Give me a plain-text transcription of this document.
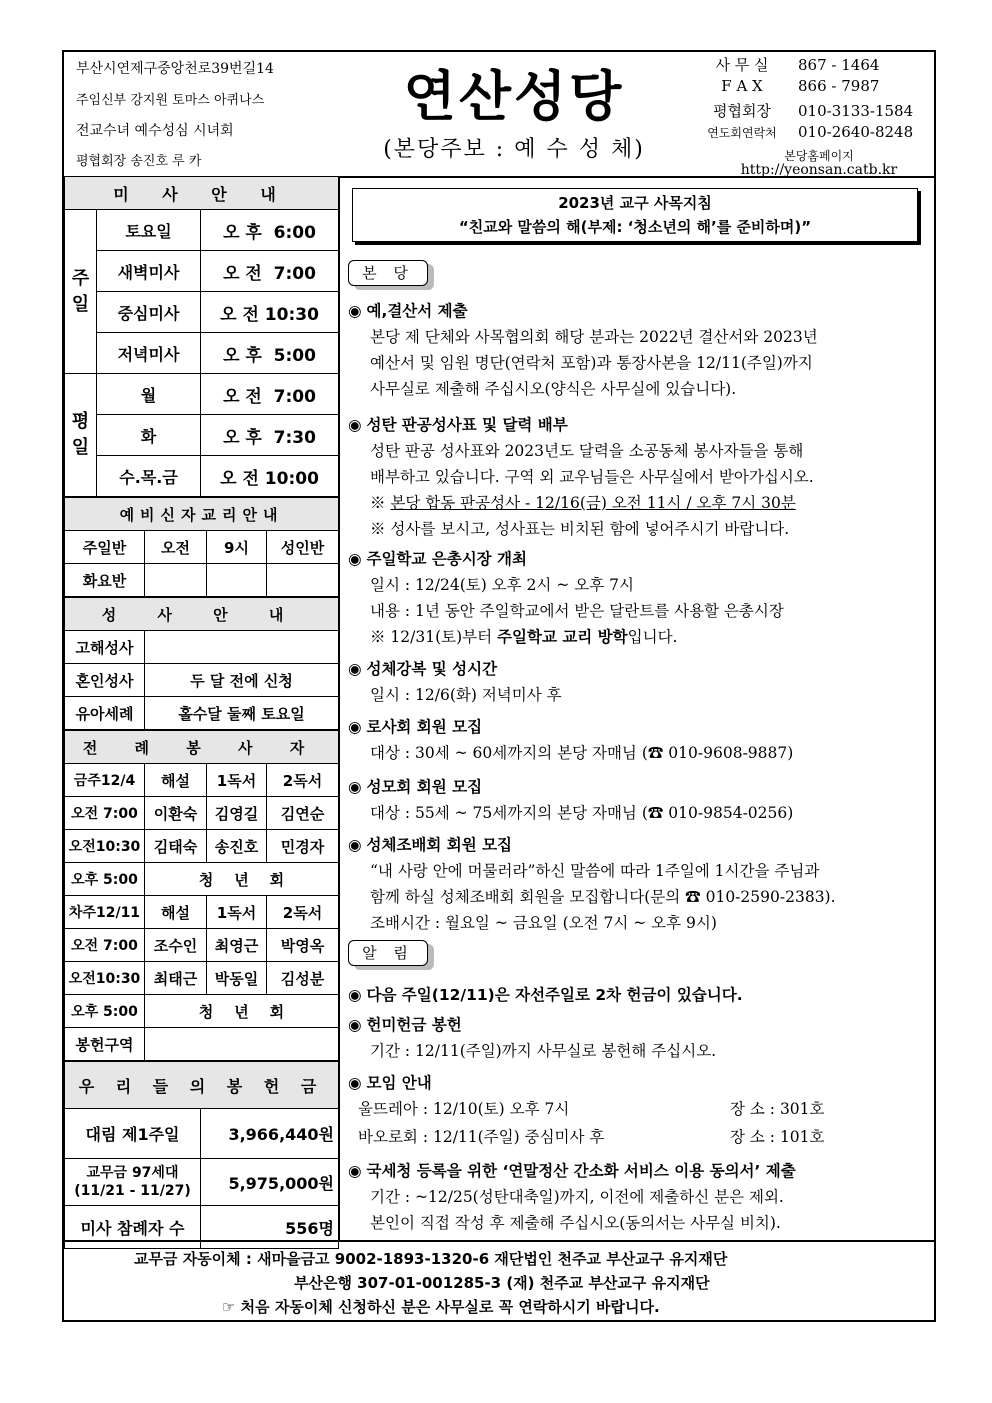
부산시연제구중앙천로39번길14
주임신부 강지원 토마스 아퀴나스
전교수녀 예수성심 시녀회
평협회장 송진호 루 카
연산성당
(본당주보 : 예 수 성 체)
사 무 실 867 - 1464
F A X 866 - 7987
평협회장 010-3133-1584
연도회연락처 010-2640-8248
본당홈페이지
http://yeonsan.catb.kr
미 사 안 내		
주일	토요일	오 후  6:00
	새벽미사	오 전  7:00
	중심미사	오 전 10:30
	저녁미사	오 후  5:00
평일	월	오 전  7:00
	화	오 후  7:30
	수.목.금	오 전 10:00
예비신자교리안내			
주일반	오전	9시	성인반
화요반			
성 사 안 내	
고해성사	
혼인성사	두 달 전에 신청
유아세례	홀수달 둘째 토요일
전 례 봉 사 자			
금주12/4	해설	1독서	2독서
오전 7:00	이환숙	김영길	김연순
오전10:30	김태숙	송진호	민경자
오후 5:00	청    년    회		
차주12/11	해설	1독서	2독서
오전 7:00	조수인	최영근	박영옥
오전10:30	최태근	박동일	김성분
오후 5:00	청    년    회		
봉헌구역			
우 리 들 의 봉 헌 금	
대림 제1주일	3,966,440원
교무금 97세대
(11/21 - 11/27)	5,975,000원
미사 참례자 수	556명
2023년 교구 사목지침
“친교와 말씀의 해(부제: ‘청소년의 해’를 준비하며)”
본 당
◉ 예,결산서 제출
본당 제 단체와 사목협의회 해당 분과는 2022년 결산서와 2023년
예산서 및 임원 명단(연락처 포함)과 통장사본을 12/11(주일)까지
사무실로 제출해 주십시오(양식은 사무실에 있습니다).
◉ 성탄 판공성사표 및 달력 배부
성탄 판공 성사표와 2023년도 달력을 소공동체 봉사자들을 통해
배부하고 있습니다. 구역 외 교우님들은 사무실에서 받아가십시오.
※ 본당 합동 판공성사 - 12/16(금) 오전 11시 / 오후 7시 30분
※ 성사를 보시고, 성사표는 비치된 함에 넣어주시기 바랍니다.
◉ 주일학교 은총시장 개최
일시 : 12/24(토) 오후 2시 ~ 오후 7시
내용 : 1년 동안 주일학교에서 받은 달란트를 사용할 은총시장
※ 12/31(토)부터 주일학교 교리 방학입니다.
◉ 성체강복 및 성시간
일시 : 12/6(화) 저녁미사 후
◉ 로사회 회원 모집
대상 : 30세 ~ 60세까지의 본당 자매님 (☎ 010-9608-9887)
◉ 성모회 회원 모집
대상 : 55세 ~ 75세까지의 본당 자매님 (☎ 010-9854-0256)
◉ 성체조배회 회원 모집
“내 사랑 안에 머물러라”하신 말씀에 따라 1주일에 1시간을 주님과
함께 하실 성체조배회 회원을 모집합니다(문의 ☎ 010-2590-2383).
조배시간 : 월요일 ~ 금요일 (오전 7시 ~ 오후 9시)
알 림
◉ 다음 주일(12/11)은 자선주일로 2차 헌금이 있습니다.
◉ 헌미헌금 봉헌
기간 : 12/11(주일)까지 사무실로 봉헌해 주십시오.
◉ 모임 안내
울뜨레아 : 12/10(토) 오후 7시	장 소 : 301호
바오로회 : 12/11(주일) 중심미사 후	장 소 : 101호
◉ 국세청 등록을 위한 ‘연말정산 간소화 서비스 이용 동의서’ 제출
기간 : ~12/25(성탄대축일)까지, 이전에 제출하신 분은 제외.
본인이 직접 작성 후 제출해 주십시오(동의서는 사무실 비치).
교무금 자동이체 : 새마을금고 9002-1893-1320-6 재단법인 천주교 부산교구 유지재단
부산은행 307-01-001285-3 (재) 천주교 부산교구 유지재단
☞ 처음 자동이체 신청하신 분은 사무실로 꼭 연락하시기 바랍니다.
